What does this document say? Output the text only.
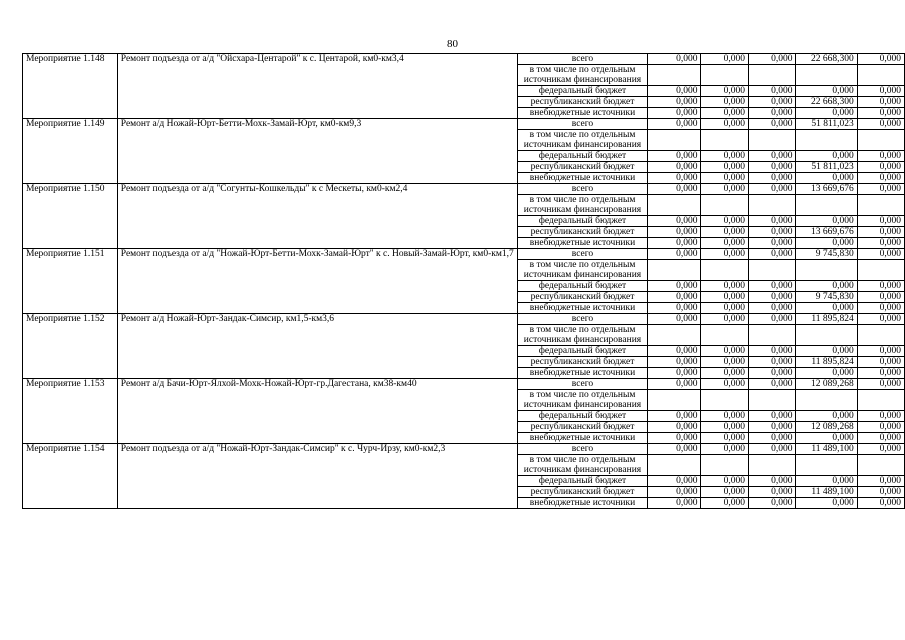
80
Мероприятие 1.148	Ремонт подъезда от а/д "Ойсхара-Центарой" к с. Центарой, км0-км3,4	всего	0,000	0,000	0,000	22 668,300	0,000
		в том числе по отдельным источникам финансирования					
		федеральный бюджет	0,000	0,000	0,000	0,000	0,000
		республиканский бюджет	0,000	0,000	0,000	22 668,300	0,000
		внебюджетные источники	0,000	0,000	0,000	0,000	0,000
Мероприятие 1.149	Ремонт а/д Ножай-Юрт-Бетти-Мохк-Замай-Юрт, км0-км9,3	всего	0,000	0,000	0,000	51 811,023	0,000
		в том числе по отдельным источникам финансирования					
		федеральный бюджет	0,000	0,000	0,000	0,000	0,000
		республиканский бюджет	0,000	0,000	0,000	51 811,023	0,000
		внебюджетные источники	0,000	0,000	0,000	0,000	0,000
Мероприятие 1.150	Ремонт подъезда от а/д "Согунты-Кошкельды" к с Мескеты, км0-км2,4	всего	0,000	0,000	0,000	13 669,676	0,000
		в том числе по отдельным источникам финансирования					
		федеральный бюджет	0,000	0,000	0,000	0,000	0,000
		республиканский бюджет	0,000	0,000	0,000	13 669,676	0,000
		внебюджетные источники	0,000	0,000	0,000	0,000	0,000
Мероприятие 1.151	Ремонт подъезда от а/д "Ножай-Юрт-Бетти-Мохк-Замай-Юрт" к с. Новый-Замай-Юрт, км0-км1,7	всего	0,000	0,000	0,000	9 745,830	0,000
		в том числе по отдельным источникам финансирования					
		федеральный бюджет	0,000	0,000	0,000	0,000	0,000
		республиканский бюджет	0,000	0,000	0,000	9 745,830	0,000
		внебюджетные источники	0,000	0,000	0,000	0,000	0,000
Мероприятие 1.152	Ремонт а/д Ножай-Юрт-Зандак-Симсир, км1,5-км3,6	всего	0,000	0,000	0,000	11 895,824	0,000
		в том числе по отдельным источникам финансирования					
		федеральный бюджет	0,000	0,000	0,000	0,000	0,000
		республиканский бюджет	0,000	0,000	0,000	11 895,824	0,000
		внебюджетные источники	0,000	0,000	0,000	0,000	0,000
Мероприятие 1.153	Ремонт а/д Бачи-Юрт-Ялхой-Мохк-Ножай-Юрт-гр.Дагестана, км38-км40	всего	0,000	0,000	0,000	12 089,268	0,000
		в том числе по отдельным источникам финансирования					
		федеральный бюджет	0,000	0,000	0,000	0,000	0,000
		республиканский бюджет	0,000	0,000	0,000	12 089,268	0,000
		внебюджетные источники	0,000	0,000	0,000	0,000	0,000
Мероприятие 1.154	Ремонт подъезда от а/д "Ножай-Юрт-Зандак-Симсир" к с. Чурч-Ирзу, км0-км2,3	всего	0,000	0,000	0,000	11 489,100	0,000
		в том числе по отдельным источникам финансирования					
		федеральный бюджет	0,000	0,000	0,000	0,000	0,000
		республиканский бюджет	0,000	0,000	0,000	11 489,100	0,000
		внебюджетные источники	0,000	0,000	0,000	0,000	0,000
